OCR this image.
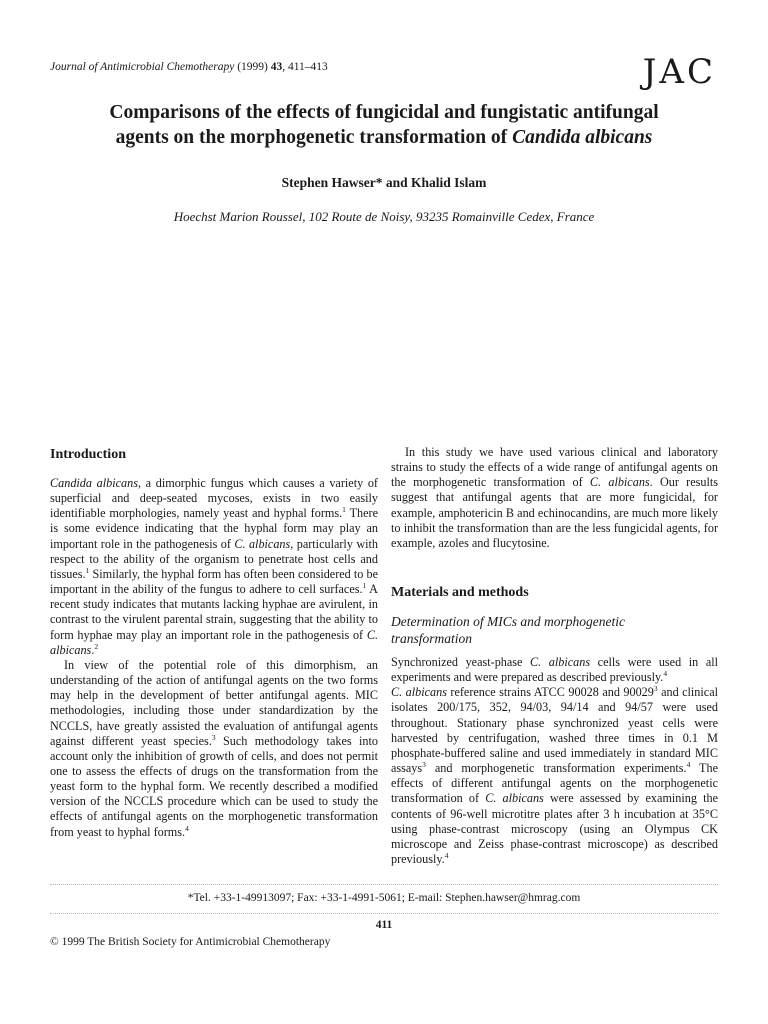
Journal of Antimicrobial Chemotherapy (1999) 43, 411–413	JAC
Comparisons of the effects of fungicidal and fungistatic antifungal
agents on the morphogenetic transformation of Candida albicans
Stephen Hawser* and Khalid Islam
Hoechst Marion Roussel, 102 Route de Noisy, 93235 Romainville Cedex, France
Introduction

Candida albicans, a dimorphic fungus which causes a variety of superficial and deep-seated mycoses, exists in two easily identifiable morphologies, namely yeast and hyphal forms.$^1$ There is some evidence indicating that the hyphal form may play an important role in the pathogenesis of C. albicans, particularly with respect to the ability of the organism to penetrate host cells and tissues.$^1$ Similarly, the hyphal form has often been considered to be important in the ability of the fungus to adhere to cell surfaces.$^1$ A recent study indicates that mutants lacking hyphae are avirulent, in contrast to the virulent parental strain, suggesting that the ability to form hyphae may play an important role in the pathogenesis of C. albicans.$^2$

In view of the potential role of this dimorphism, an understanding of the action of antifungal agents on the two forms may help in the development of better antifungal agents. MIC methodologies, including those under standardization by the NCCLS, have greatly assisted the evaluation of antifungal agents against different yeast species.$^3$ Such methodology takes into account only the inhibition of growth of cells, and does not permit one to assess the effects of drugs on the transformation from the yeast form to the hyphal form. We recently described a modified version of the NCCLS procedure which can be used to study the effects of antifungal agents on the morphogenetic transformation from yeast to hyphal forms.$^4$

In this study we have used various clinical and laboratory strains to study the effects of a wide range of antifungal agents on the morphogenetic transformation of C. albicans. Our results suggest that antifungal agents that are more fungicidal, for example, amphotericin B and echinocandins, are much more likely to inhibit the transformation than are the less fungicidal agents, for example, azoles and flucytosine.

Materials and methods
Determination of MICs and morphogenetic transformation

Synchronized yeast-phase C. albicans cells were used in all experiments and were prepared as described previously.$^4$
C. albicans reference strains ATCC 90028 and 90029$^3$ and clinical isolates 200/175, 352, 94/03, 94/14 and 94/57 were used throughout. Stationary phase synchronized yeast cells were harvested by centrifugation, washed three times in 0.1 M phosphate-buffered saline and used immediately in standard MIC assays$^3$ and morphogenetic transformation experiments.$^4$ The effects of different antifungal agents on the morphogenetic transformation of C. albicans were assessed by examining the contents of 96-well microtitre plates after 3 h incubation at 35°C using phase-contrast microscopy (using an Olympus CK microscope and Zeiss phase-contrast microscope) as described previously.$^4$

*Tel. +33-1-49913097; Fax: +33-1-4991-5061; E-mail: Stephen.hawser@hmrag.com
411
© 1999 The British Society for Antimicrobial Chemotherapy
